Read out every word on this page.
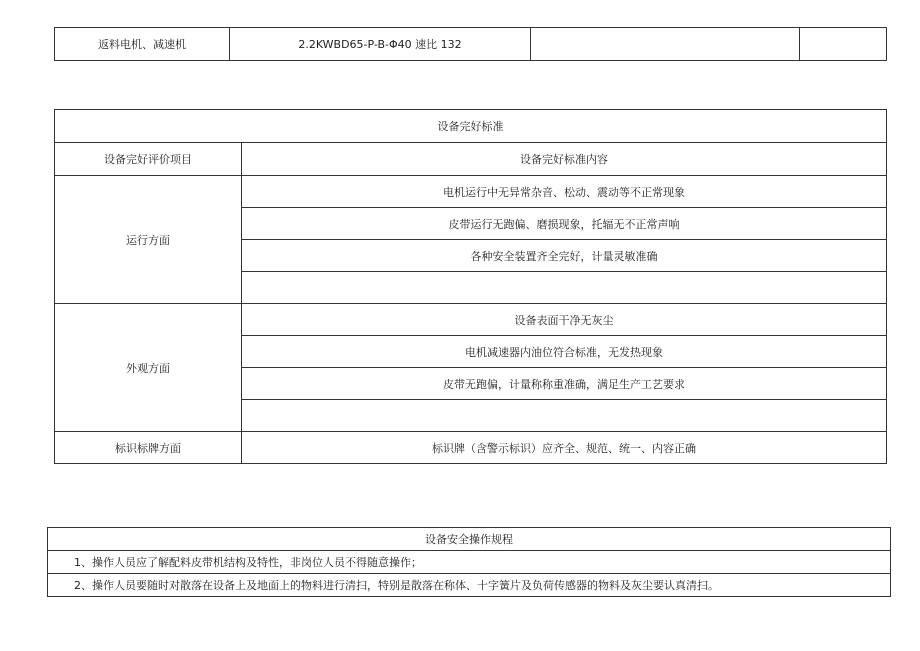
返料电机、减速机	2.2KWBD65-P-B-Φ40 速比 132		
设备完好标准	
设备完好评价项目	设备完好标准内容
运行方面	电机运行中无异常杂音、松动、震动等不正常现象
	皮带运行无跑偏、磨损现象，托辐无不正常声响
	各种安全装置齐全完好，计量灵敏准确

外观方面	设备表面干净无灰尘
	电机减速器内油位符合标准，无发热现象
	皮带无跑偏，计量称称重准确，满足生产工艺要求

标识标牌方面	标识牌（含警示标识）应齐全、规范、统一、内容正确
设备安全操作规程
1、操作人员应了解配料皮带机结构及特性，非岗位人员不得随意操作；
2、操作人员要随时对散落在设备上及地面上的物料进行清扫，特别是散落在称体、十字簧片及负荷传感器的物料及灰尘要认真清扫。
